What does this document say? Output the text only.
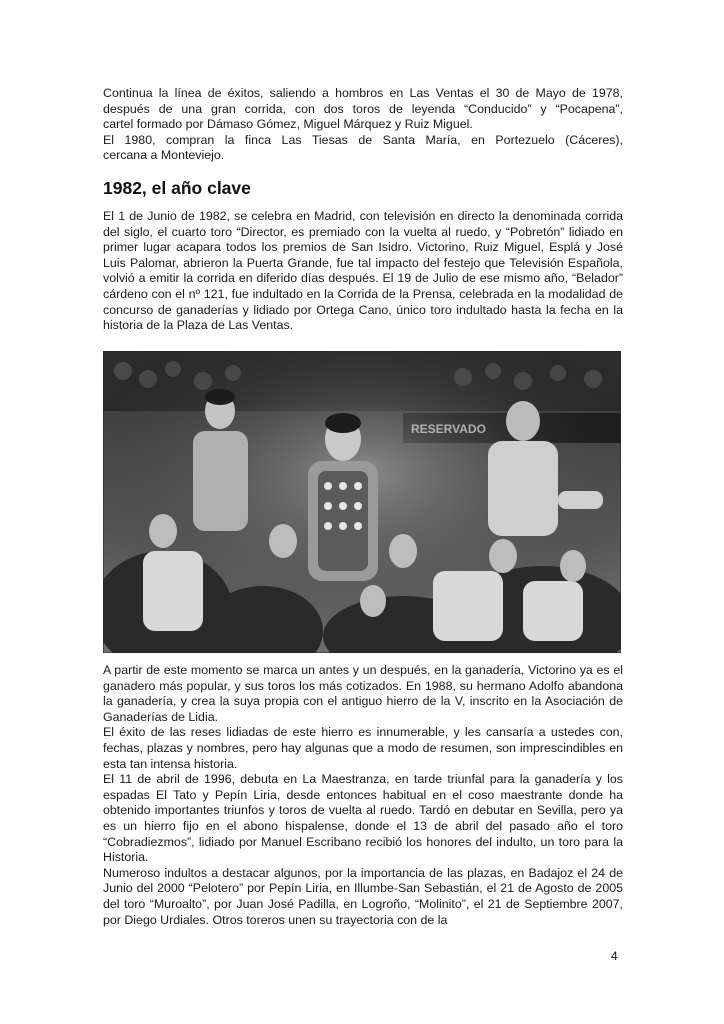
Continua la línea de éxitos, saliendo a hombros en Las Ventas el 30 de Mayo de 1978,
después de una gran corrida, con dos toros de leyenda “Conducido” y “Pocapena”,
cartel formado por Dámaso Gómez, Miguel Márquez y Ruiz Miguel.
El 1980, compran la finca Las Tiesas de Santa María, en Portezuelo (Cáceres),
cercana a Monteviejo.
1982, el año clave

El 1 de Junio de 1982, se celebra en Madrid, con televisión en directo la denominada corrida del siglo, el cuarto toro “Director, es premiado con la vuelta al ruedo, y “Pobretón” lidiado en primer lugar acapara todos los premios de San Isidro. Victorino, Ruiz Miguel, Esplá y José Luis Palomar, abrieron la Puerta Grande, fue tal impacto del festejo que Televisión Española, volvió a emitir la corrida en diferido días después. El 19 de Julio de ese mismo año, “Belador” cárdeno con el nº 121, fue indultado en la Corrida de la Prensa, celebrada en la modalidad de concurso de ganaderías y lidiado por Ortega Cano, único toro indultado hasta la fecha en la historia de la Plaza de Las Ventas.

A partir de este momento se marca un antes y un después, en la ganadería, Victorino ya es el ganadero más popular, y sus toros los más cotizados. En 1988, su hermano Adolfo abandona la ganadería, y crea la suya propia con el antiguo hierro de la V, inscrito en la Asociación de Ganaderías de Lidia.

El éxito de las reses lidiadas de este hierro es innumerable, y les cansaría a ustedes con, fechas, plazas y nombres, pero hay algunas que a modo de resumen, son imprescindibles en esta tan intensa historia.

El 11 de abril de 1996, debuta en La Maestranza, en tarde triunfal para la ganadería y los espadas El Tato y Pepín Liria, desde entonces habitual en el coso maestrante donde ha obtenido importantes triunfos y toros de vuelta al ruedo. Tardó en debutar en Sevilla, pero ya es un hierro fijo en el abono hispalense, donde el 13 de abril del pasado año el toro “Cobradiezmos”, lidiado por Manuel Escribano recibió los honores del indulto, un toro para la Historia.

Numeroso indultos a destacar algunos, por la importancia de las plazas, en Badajoz el 24 de Junio del 2000 “Pelotero” por Pepín Liria, en Illumbe-San Sebastián, el 21 de Agosto de 2005 del toro “Muroalto”, por Juan José Padilla, en Logroño, “Molinito”, el 21 de Septiembre 2007, por Diego Urdiales. Otros toreros unen su trayectoria con de la

4
